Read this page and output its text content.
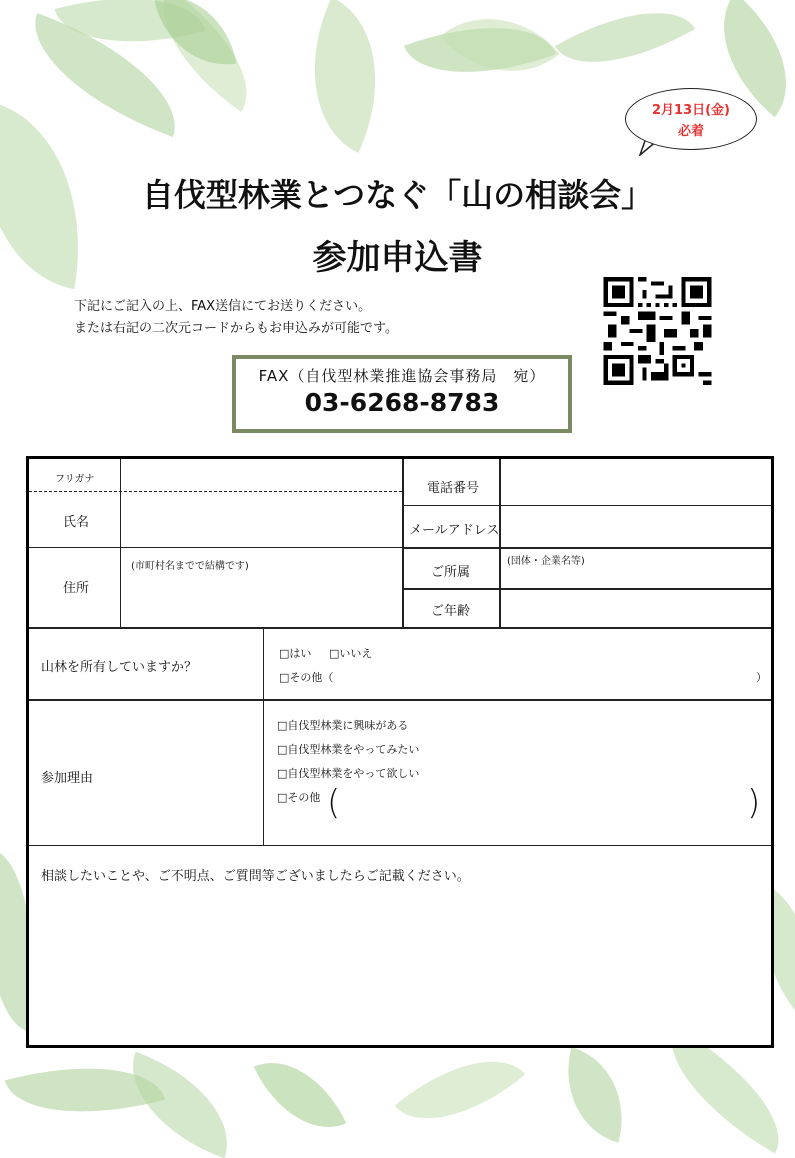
2月13日(金)
必着
自伐型林業とつなぐ「山の相談会」
参加申込書
下記にご記入の上、FAX送信にてお送りください。
または右記の二次元コードからもお申込みが可能です。
FAX（自伐型林業推進協会事務局　宛）
03-6268-8783
フリガナ
氏名
住所
(市町村名までで結構です)
電話番号
メールアドレス
ご所属
(団体・企業名等)
ご年齢
山林を所有していますか？
□はい □いいえ
□その他（	）
参加理由
□自伐型林業に興味がある
□自伐型林業をやってみたい
□自伐型林業をやって欲しい
□その他 (	)
相談したいことや、ご不明点、ご質問等ございましたらご記載ください。
